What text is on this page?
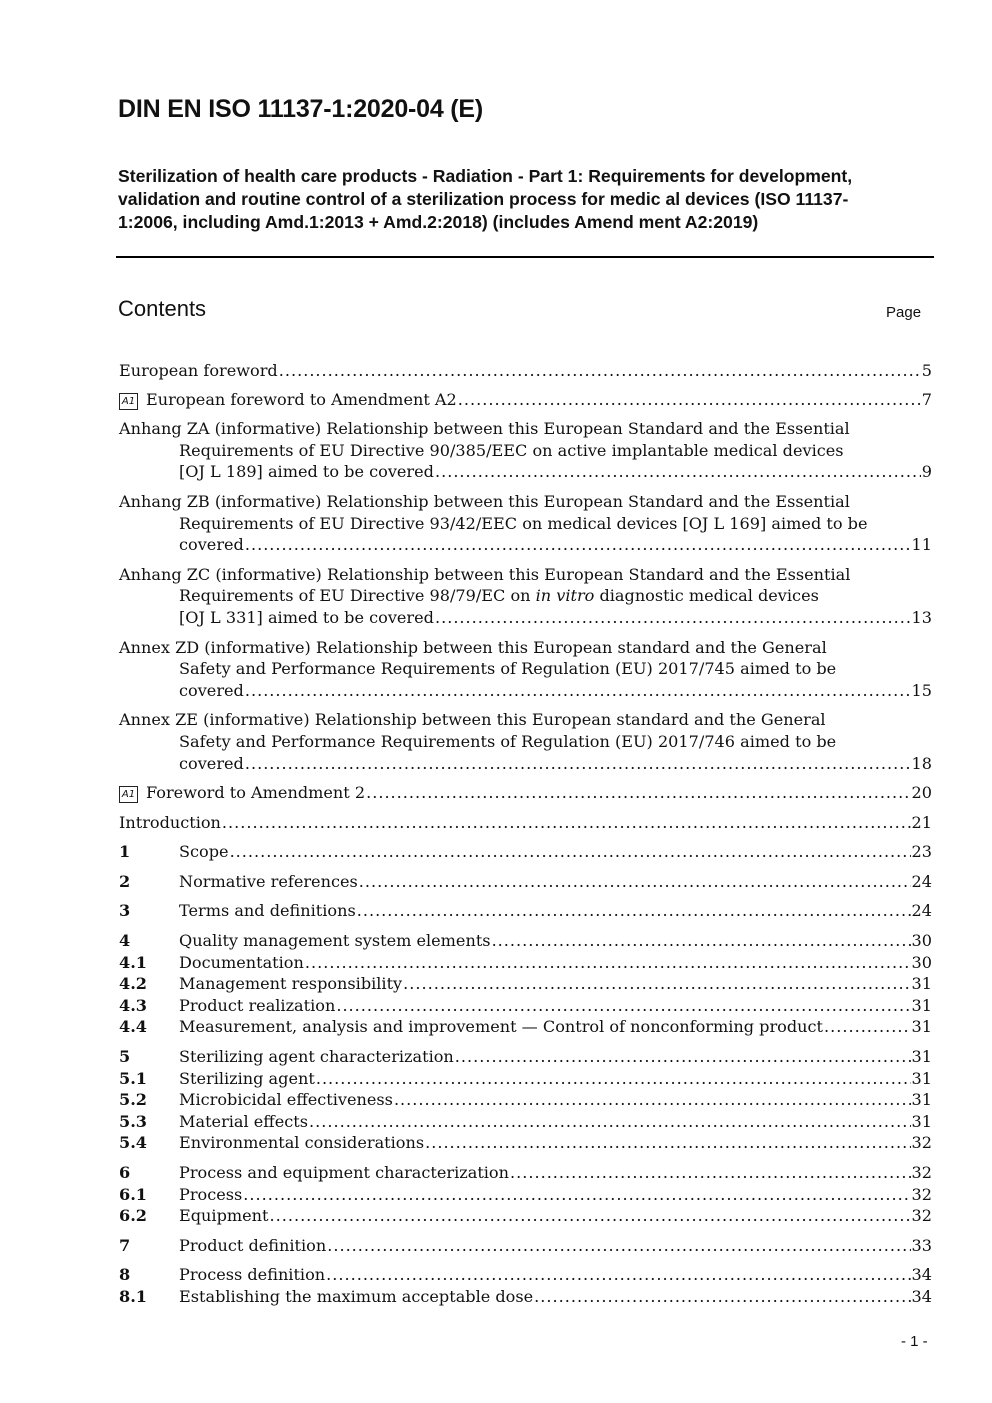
DIN EN ISO 11137-1:2020-04 (E)
Sterilization of health care products - Radiation - Part 1: Requirements for development, validation and routine control of a sterilization process for medic al devices (ISO 11137-1:2006, including Amd.1:2013 + Amd.2:2018) (includes Amend ment A2:2019)
Contents	Page
European foreword .....	5
A1 European foreword to Amendment A2 .....	7
Anhang ZA (informative) Relationship between this European Standard and the Essential
Requirements of EU Directive 90/385/EEC on active implantable medical devices
[OJ L 189] aimed to be covered .....	9
Anhang ZB (informative) Relationship between this European Standard and the Essential
Requirements of EU Directive 93/42/EEC on medical devices [OJ L 169] aimed to be
covered .....	11
Anhang ZC (informative) Relationship between this European Standard and the Essential
Requirements of EU Directive 98/79/EC on in vitro diagnostic medical devices
[OJ L 331] aimed to be covered .....	13
Annex ZD (informative) Relationship between this European standard and the General
Safety and Performance Requirements of Regulation (EU) 2017/745 aimed to be
covered .....	15
Annex ZE (informative) Relationship between this European standard and the General
Safety and Performance Requirements of Regulation (EU) 2017/746 aimed to be
covered .....	18
A1 Foreword to Amendment 2 .....	20
Introduction .....	21
1	Scope .....	23
2	Normative references .....	24
3	Terms and definitions .....	24
4	Quality management system elements .....	30
4.1	Documentation .....	30
4.2	Management responsibility .....	31
4.3	Product realization .....	31
4.4	Measurement, analysis and improvement — Control of nonconforming product .....	31
5	Sterilizing agent characterization .....	31
5.1	Sterilizing agent .....	31
5.2	Microbicidal effectiveness .....	31
5.3	Material effects .....	31
5.4	Environmental considerations .....	32
6	Process and equipment characterization .....	32
6.1	Process .....	32
6.2	Equipment .....	32
7	Product definition .....	33
8	Process definition .....	34
8.1	Establishing the maximum acceptable dose .....	34
- 1 -
